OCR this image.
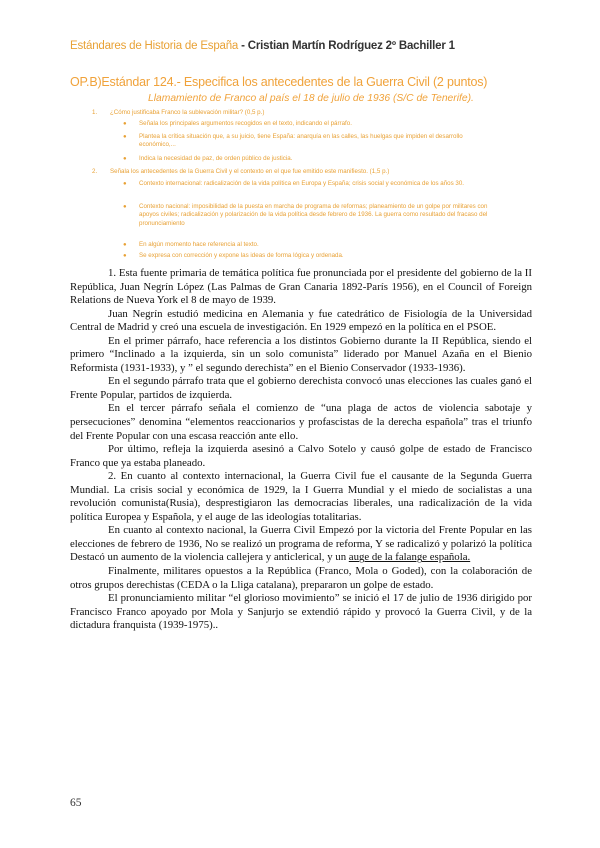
Estándares de Historia de España - Cristian Martín Rodríguez 2º Bachiller 1
OP.B)Estándar 124.- Especifica los antecedentes de la Guerra Civil (2 puntos)
Llamamiento de Franco al país el 18 de julio de 1936 (S/C de Tenerife).
1. ¿Cómo justificaba Franco la sublevación militar? (0,5 p.)
● Señala los principales argumentos recogidos en el texto, indicando el párrafo.
● Plantea la crítica situación que, a su juicio, tiene España: anarquía en las calles, las huelgas que impiden el desarrollo económico,...
● Indica la necesidad de paz, de orden público de justicia.
2. Señala los antecedentes de la Guerra Civil y el contexto en el que fue emitido este manifiesto. (1,5 p.)
● Contexto internacional: radicalización de la vida política en Europa y España; crisis social y económica de los años 30.
● Contexto nacional: imposibilidad de la puesta en marcha de programa de reformas; planeamiento de un golpe por militares con apoyos civiles; radicalización y polarización de la vida política desde febrero de 1936. La guerra como resultado del fracaso del pronunciamiento
● En algún momento hace referencia al texto.
● Se expresa con corrección y expone las ideas de forma lógica y ordenada.

1. Esta fuente primaria de temática política fue pronunciada por el presidente del gobierno de la II República, Juan Negrín López (Las Palmas de Gran Canaria 1892-París 1956), en el Council of Foreign Relations de Nueva York el 8 de mayo de 1939.

Juan Negrín estudió medicina en Alemania y fue catedrático de Fisiología de la Universidad Central de Madrid y creó una escuela de investigación. En 1929 empezó en la política en el PSOE.

En el primer párrafo, hace referencia a los distintos Gobierno durante la II República, siendo el primero “Inclinado a la izquierda, sin un solo comunista” liderado por Manuel Azaña en el Bienio Reformista (1931-1933), y ” el segundo derechista” en el Bienio Conservador (1933-1936).

En el segundo párrafo trata que el gobierno derechista convocó unas elecciones las cuales ganó el Frente Popular, partidos de izquierda.

En el tercer párrafo señala el comienzo de “una plaga de actos de violencia sabotaje y persecuciones” denomina “elementos reaccionarios y profascistas de la derecha española” tras el triunfo del Frente Popular con una escasa reacción ante ello.

Por último, refleja la izquierda asesinó a Calvo Sotelo y causó golpe de estado de Francisco Franco que ya estaba planeado.

2. En cuanto al contexto internacional, la Guerra Civil fue el causante de la Segunda Guerra Mundial. La crisis social y económica de 1929, la I Guerra Mundial y el miedo de socialistas a una revolución comunista(Rusia), desprestigiaron las democracias liberales, una radicalización de la vida política Europea y Española, y el auge de las ideologías totalitarias.

En cuanto al contexto nacional, la Guerra Civil Empezó por la victoria del Frente Popular en las elecciones de febrero de 1936, No se realizó un programa de reforma, Y se radicalizó y polarizó la política Destacó un aumento de la violencia callejera y anticlerical, y un auge de la falange española.

Finalmente, militares opuestos a la República (Franco, Mola o Goded), con la colaboración de otros grupos derechistas (CEDA o la Lliga catalana), prepararon un golpe de estado.

El pronunciamiento militar “el glorioso movimiento” se inició el 17 de julio de 1936 dirigido por Francisco Franco apoyado por Mola y Sanjurjo se extendió rápido y provocó la Guerra Civil, y de la dictadura franquista (1939-1975)..

65
